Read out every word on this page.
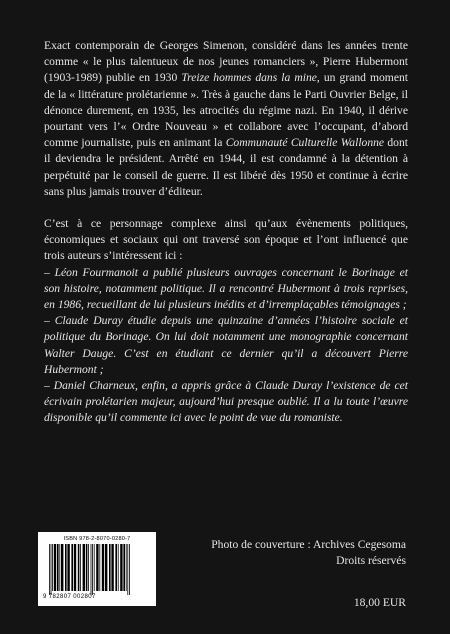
Exact contemporain de Georges Simenon, considéré dans les années trente comme « le plus talentueux de nos jeunes romanciers », Pierre Hubermont (1903-1989) publie en 1930 Treize hommes dans la mine, un grand moment de la « littérature prolétarienne ». Très à gauche dans le Parti Ouvrier Belge, il dénonce durement, en 1935, les atrocités du régime nazi. En 1940, il dérive pourtant vers l’« Ordre Nouveau » et collabore avec l’occupant, d’abord comme journaliste, puis en animant la Communauté Culturelle Wallonne dont il deviendra le président. Arrêté en 1944, il est condamné à la détention à perpétuité par le conseil de guerre. Il est libéré dès 1950 et continue à écrire sans plus jamais trouver d’éditeur.

C’est à ce personnage complexe ainsi qu’aux évènements politiques, économiques et sociaux qui ont traversé son époque et l’ont influencé que trois auteurs s’intéressent ici :

– Léon Fourmanoit a publié plusieurs ouvrages concernant le Borinage et son histoire, notamment politique. Il a rencontré Hubermont à trois reprises, en 1986, recueillant de lui plusieurs inédits et d’irremplaçables témoignages ;

– Claude Duray étudie depuis une quinzaine d’années l’histoire sociale et politique du Borinage. On lui doit notamment une monographie concernant Walter Dauge. C’est en étudiant ce dernier qu’il a découvert Pierre Hubermont ;

– Daniel Charneux, enfin, a appris grâce à Claude Duray l’existence de cet écrivain prolétarien majeur, aujourd’hui presque oublié. Il a lu toute l’œuvre disponible qu’il commente ici avec le point de vue du romaniste.

ISBN 978-2-8070-0280-7
9 782807 002807
Photo de couverture : Archives Cegesoma
Droits réservés
18,00 EUR
